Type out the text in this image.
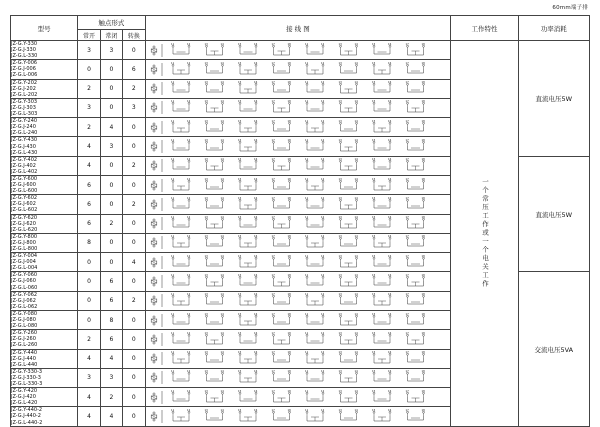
60mm端子排
型号	触点形式			接 线 图	工作特性	功率消耗
	常开	常闭	转换			

JZ-G.Y-330
JZ-G.J-330
JZ-G.L-330
	3	3	0	
11	12	13	14	15	16	17	18	11	12	13	14	15	16	17	18

一个常压工作或一个电关工作
	直流电压5W

JZ-G.Y-006
JZ-G.J-006
JZ-G.L-006
	0	0	6	
11	12	13	14	15	16	17	18	11	12	13	14	15	16	17	18

JZ-G.Y-202
JZ-G.J-202
JZ-G.L-202
	2	0	2	
11	12	13	14	15	16	17	18	11	12	13	14	15	16	17	18

JZ-G.Y-303
JZ-G.J-303
JZ-G.L-303
	3	0	3	
11	12	13	14	15	16	17	18	11	12	13	14	15	16	17	18

JZ-G.Y-240
JZ-G.J-240
JZ-G.L-240
	2	4	0	
11	12	13	14	15	16	17	18	11	12	13	14	15	16	17	18

JZ-G.Y-430
JZ-G.J-430
JZ-G.L-430
	4	3	0	
11	12	13	14	15	16	17	18	11	12	13	14	15	16	17	18

JZ-G.Y-402
JZ-G.J-402
JZ-G.L-402
	4	0	2	
11	12	13	14	15	16	17	18	11	12	13	14	15	16	17	18
	直流电压5W

JZ-G.Y-600
JZ-G.J-600
JZ-G.L-600
	6	0	0	
11	12	13	14	15	16	17	18	11	12	13	14	15	16	17	18

JZ-G.Y-602
JZ-G.J-602
JZ-G.L-602
	6	0	2	
11	12	13	14	15	16	17	18	11	12	13	14	15	16	17	18

JZ-G.Y-620
JZ-G.J-620
JZ-G.L-620
	6	2	0	
11	12	13	14	15	16	17	18	11	12	13	14	15	16	17	18

JZ-G.Y-800
JZ-G.J-800
JZ-G.L-800
	8	0	0	
11	12	13	14	15	16	17	18	11	12	13	14	15	16	17	18

JZ-G.Y-004
JZ-G.J-004
JZ-G.L-004
	0	0	4	
11	12	13	14	15	16	17	18	11	12	13	14	15	16	17	18

JZ-G.Y-060
JZ-G.J-060
JZ-G.L-060
	0	6	0	
11	12	13	14	15	16	17	18	11	12	13	14	15	16	17	18
	交流电压5VA

JZ-G.Y-062
JZ-G.J-062
JZ-G.L-062
	0	6	2	
11	12	13	14	15	16	17	18	11	12	13	14	15	16	17	18

JZ-G.Y-080
JZ-G.J-080
JZ-G.L-080
	0	8	0	
11	12	13	14	15	16	17	18	11	12	13	14	15	16	17	18

JZ-G.Y-260
JZ-G.J-260
JZ-G.L-260
	2	6	0	
11	12	13	14	15	16	17	18	11	12	13	14	15	16	17	18

JZ-G.Y-440
JZ-G.J-440
JZ-G.L-440
	4	4	0	
11	12	13	14	15	16	17	18	11	12	13	14	15	16	17	18

JZ-G.Y-330-3
JZ-G.J-330-3
JZ-G.L-330-3
	3	3	0	
11	12	13	14	15	16	17	18	11	12	13	14	15	16	17	18

JZ-G.Y-420
JZ-G.J-420
JZ-G.L-420
	4	2	0	
11	12	13	14	15	16	17	18	11	12	13	14	15	16	17	18

JZ-G.Y-440-2
JZ-G.J-440-2
JZ-G.L-440-2
	4	4	0	
11	12	13	14	15	16	17	18	11	12	13	14	15	16	17	18
